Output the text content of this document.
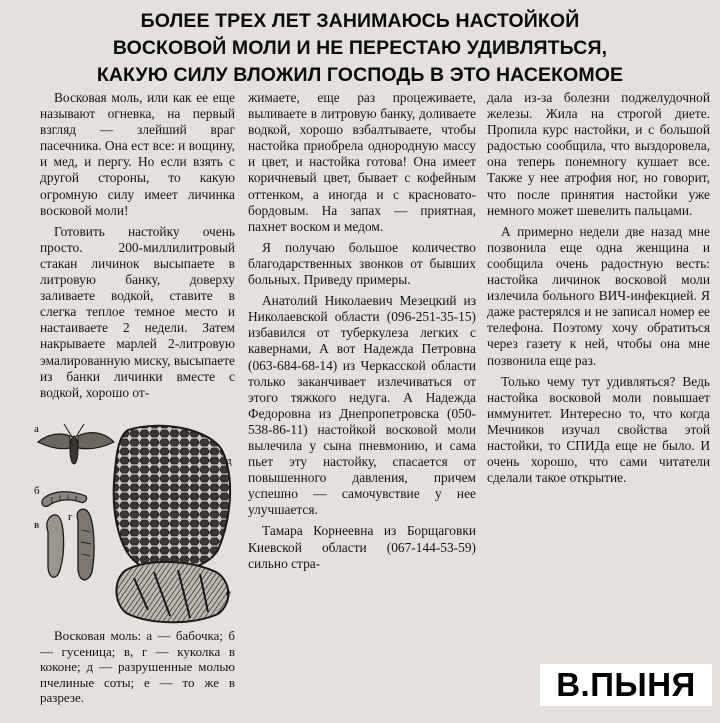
БОЛЕЕ ТРЕХ ЛЕТ ЗАНИМАЮСЬ НАСТОЙКОЙ
ВОСКОВОЙ МОЛИ И НЕ ПЕРЕСТАЮ УДИВЛЯТЬСЯ,
КАКУЮ СИЛУ ВЛОЖИЛ ГОСПОДЬ В ЭТО НАСЕКОМОЕ

Восковая моль, или как ее еще называют огневка, на первый взгляд — злейший враг пасечника. Она ест все: и вощину, и мед, и пергу. Но если взять с другой стороны, то какую огромную силу имеет личинка восковой моли!

Готовить настойку очень просто. 200-миллилитровый стакан личинок высыпаете в литровую банку, доверху заливаете водкой, ставите в слегка теплое темное место и настаиваете 2 недели. Затем накрываете марлей 2-литровую эмалированную миску, высыпаете из банки личинки вместе с водкой, хорошо от-

а
б
в
г
д
е

Восковая моль: а — бабочка; б — гусеница; в, г — куколка в коконе; д — разрушенные молью пчелиные соты; е — то же в разрезе.

жимаете, еще раз процеживаете, выливаете в литровую банку, доливаете водкой, хорошо взбалтываете, чтобы настойка приобрела однородную массу и цвет, и настойка готова! Она имеет коричневый цвет, бывает с кофейным оттенком, а иногда и с красновато-бордовым. На запах — приятная, пахнет воском и медом.

Я получаю большое количество благодарственных звонков от бывших больных. Приведу примеры.

Анатолий Николаевич Мезецкий из Николаевской области (096-251-35-15) избавился от туберкулеза легких с кавернами, А вот Надежда Петровна (063-684-68-14) из Черкасской области только заканчивает излечиваться от этого тяжкого недуга. А Надежда Федоровна из Днепропетровска (050-538-86-11) настойкой восковой моли вылечила у сына пневмонию, и сама пьет эту настойку, спасается от повышенного давления, причем успешно — самочувствие у нее улучшается.

Тамара Корнеевна из Борщаговки Киевской области (067-144-53-59) сильно стра-

дала из-за болезни поджелудочной железы. Жила на строгой диете. Пропила курс настойки, и с большой радостью сообщила, что выздоровела, она теперь понемногу кушает все. Также у нее атрофия ног, но говорит, что после принятия настойки уже немного может шевелить пальцами.

А примерно недели две назад мне позвонила еще одна женщина и сообщила очень радостную весть: настойка личинок восковой моли излечила больного ВИЧ-инфекцией. Я даже растерялся и не записал номер ее телефона. Поэтому хочу обратиться через газету к ней, чтобы она мне позвонила еще раз.

Только чему тут удивляться? Ведь настойка восковой моли повышает иммунитет. Интересно то, что когда Мечников изучал свойства этой настойки, то СПИДа еще не было. И очень хорошо, что сами читатели сделали такое открытие.

В.ПЫНЯ
